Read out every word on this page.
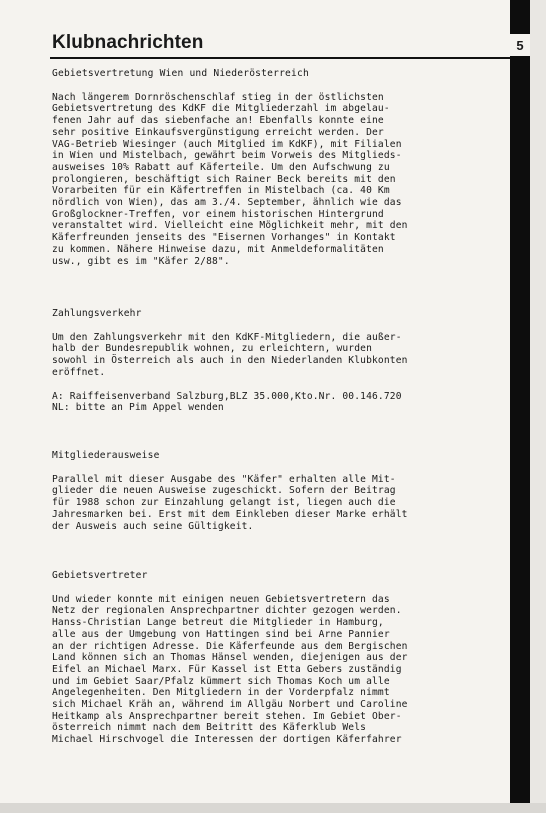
5
Klubnachrichten

Gebietsvertretung Wien und Niederösterreich

Nach längerem Dornröschenschlaf stieg in der östlichsten
Gebietsvertretung des KdKF die Mitgliederzahl im abgelau-
fenen Jahr auf das siebenfache an! Ebenfalls konnte eine
sehr positive Einkaufsvergünstigung erreicht werden. Der
VAG-Betrieb Wiesinger (auch Mitglied im KdKF), mit Filialen
in Wien und Mistelbach, gewährt beim Vorweis des Mitglieds-
ausweises 10% Rabatt auf Käferteile. Um den Aufschwung zu
prolongieren, beschäftigt sich Rainer Beck bereits mit den
Vorarbeiten für ein Käfertreffen in Mistelbach (ca. 40 Km
nördlich von Wien), das am 3./4. September, ähnlich wie das
Großglockner-Treffen, vor einem historischen Hintergrund
veranstaltet wird. Vielleicht eine Möglichkeit mehr, mit den
Käferfreunden jenseits des "Eisernen Vorhanges" in Kontakt
zu kommen. Nähere Hinweise dazu, mit Anmeldeformalitäten
usw., gibt es im "Käfer 2/88".

Zahlungsverkehr

Um den Zahlungsverkehr mit den KdKF-Mitgliedern, die außer-
halb der Bundesrepublik wohnen, zu erleichtern, wurden
sowohl in Österreich als auch in den Niederlanden Klubkonten
eröffnet.

A: Raiffeisenverband Salzburg,BLZ 35.000,Kto.Nr. 00.146.720
NL: bitte an Pim Appel wenden

Mitgliederausweise

Parallel mit dieser Ausgabe des "Käfer" erhalten alle Mit-
glieder die neuen Ausweise zugeschickt. Sofern der Beitrag
für 1988 schon zur Einzahlung gelangt ist, liegen auch die
Jahresmarken bei. Erst mit dem Einkleben dieser Marke erhält
der Ausweis auch seine Gültigkeit.

Gebietsvertreter

Und wieder konnte mit einigen neuen Gebietsvertretern das
Netz der regionalen Ansprechpartner dichter gezogen werden.
Hanss-Christian Lange betreut die Mitglieder in Hamburg,
alle aus der Umgebung von Hattingen sind bei Arne Pannier
an der richtigen Adresse. Die Käferfeunde aus dem Bergischen
Land können sich an Thomas Hänsel wenden, diejenigen aus der
Eifel an Michael Marx. Für Kassel ist Etta Gebers zuständig
und im Gebiet Saar/Pfalz kümmert sich Thomas Koch um alle
Angelegenheiten. Den Mitgliedern in der Vorderpfalz nimmt
sich Michael Kräh an, während im Allgäu Norbert und Caroline
Heitkamp als Ansprechpartner bereit stehen. Im Gebiet Ober-
österreich nimmt nach dem Beitritt des Käferklub Wels
Michael Hirschvogel die Interessen der dortigen Käferfahrer
